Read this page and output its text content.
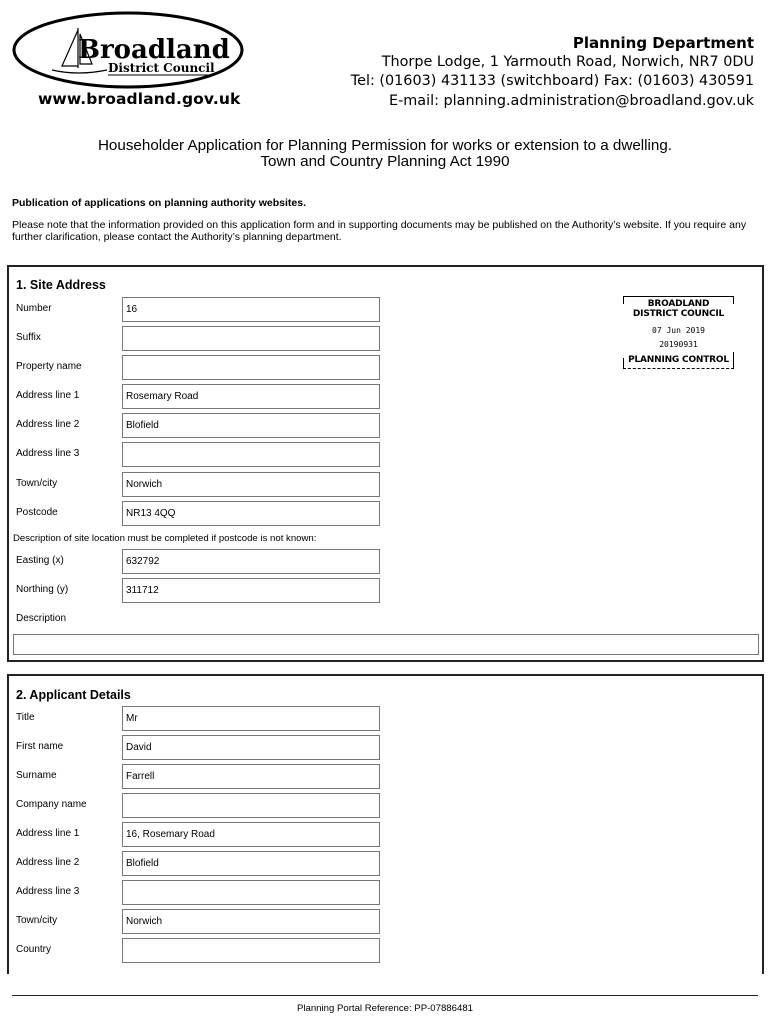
Broadland
District Council
www.broadland.gov.uk
Planning Department
Thorpe Lodge, 1 Yarmouth Road, Norwich, NR7 0DU
Tel: (01603) 431133 (switchboard) Fax: (01603) 430591
E-mail: planning.administration@broadland.gov.uk
Householder Application for Planning Permission for works or extension to a dwelling.
Town and Country Planning Act 1990
Publication of applications on planning authority websites.
Please note that the information provided on this application form and in supporting documents may be published on the Authority’s website. If you require any further clarification, please contact the Authority’s planning department.
1. Site Address
Number	16
Suffix
Property name
Address line 1	Rosemary Road
Address line 2	Blofield
Address line 3
Town/city	Norwich
Postcode	NR13 4QQ
Description of site location must be completed if postcode is not known:
Easting (x)	632792
Northing (y)	311712
Description
BROADLAND
DISTRICT COUNCIL
07 Jun 2019
20190931
PLANNING CONTROL
2. Applicant Details
Title	Mr
First name	David
Surname	Farrell
Company name
Address line 1	16, Rosemary Road
Address line 2	Blofield
Address line 3
Town/city	Norwich
Country
Planning Portal Reference: PP-07886481
